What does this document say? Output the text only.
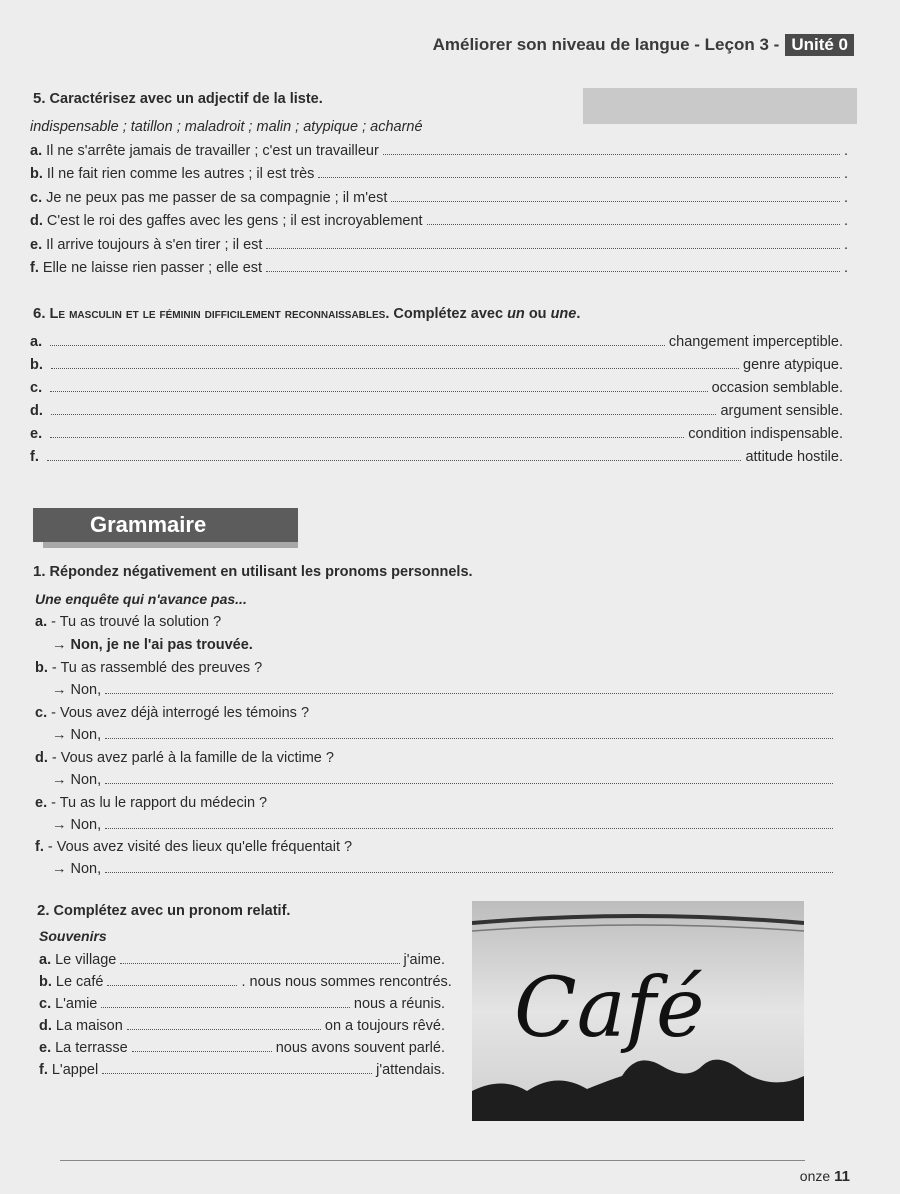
Améliorer son niveau de langue - Leçon 3 - Unité 0
5. Caractérisez avec un adjectif de la liste.
indispensable ; tatillon ; maladroit ; malin ; atypique ; acharné
a. Il ne s'arrête jamais de travailler ; c'est un travailleur	.
b. Il ne fait rien comme les autres ; il est très	.
c. Je ne peux pas me passer de sa compagnie ; il m'est	.
d. C'est le roi des gaffes avec les gens ; il est incroyablement	.
e. Il arrive toujours à s'en tirer ; il est	.
f. Elle ne laisse rien passer ; elle est	.
6. Le masculin et le féminin difficilement reconnaissables. Complétez avec un ou une.
a.	changement imperceptible.
b.	genre atypique.
c.	occasion semblable.
d.	argument sensible.
e.	condition indispensable.
f.	attitude hostile.
Grammaire
1. Répondez négativement en utilisant les pronoms personnels.
Une enquête qui n'avance pas...
a. - Tu as trouvé la solution ?
→ Non, je ne l'ai pas trouvée.
b. - Tu as rassemblé des preuves ?
→ Non,
c. - Vous avez déjà interrogé les témoins ?
→ Non,
d. - Vous avez parlé à la famille de la victime ?
→ Non,
e. - Tu as lu le rapport du médecin ?
→ Non,
f. - Vous avez visité des lieux qu'elle fréquentait ?
→ Non,
2. Complétez avec un pronom relatif.
Souvenirs
a. Le village	j'aime.
b. Le café	. nous nous sommes rencontrés.
c. L'amie	nous a réunis.
d. La maison	on a toujours rêvé.
e. La terrasse	nous avons souvent parlé.
f. L'appel	j'attendais.
Café
onze 11
